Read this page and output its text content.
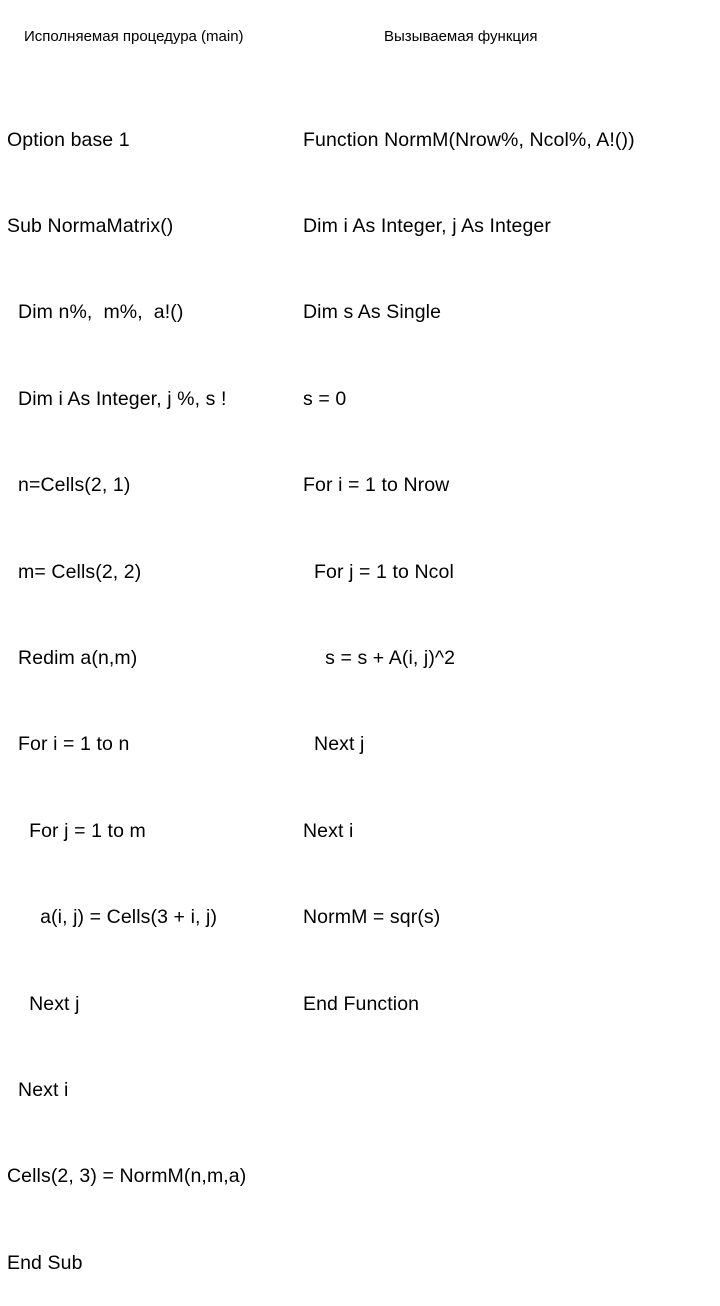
Исполняемая процедура (main)	Вызываемая функция

Option base 1

Sub NormaMatrix()

Dim n%,  m%,  a!()

Dim i As Integer, j %, s !

n=Cells(2, 1)

m= Cells(2, 2)

Redim a(n,m)

For i = 1 to n

For j = 1 to m

a(i, j) = Cells(3 + i, j)

Next j

Next i

Cells(2, 3) = NormM(n,m,a)

End Sub

Function NormM(Nrow%, Ncol%, A!())

Dim i As Integer, j As Integer

Dim s As Single

s = 0

For i = 1 to Nrow

For j = 1 to Ncol

s = s + A(i, j)^2

Next j

Next i

NormM = sqr(s)

End Function
